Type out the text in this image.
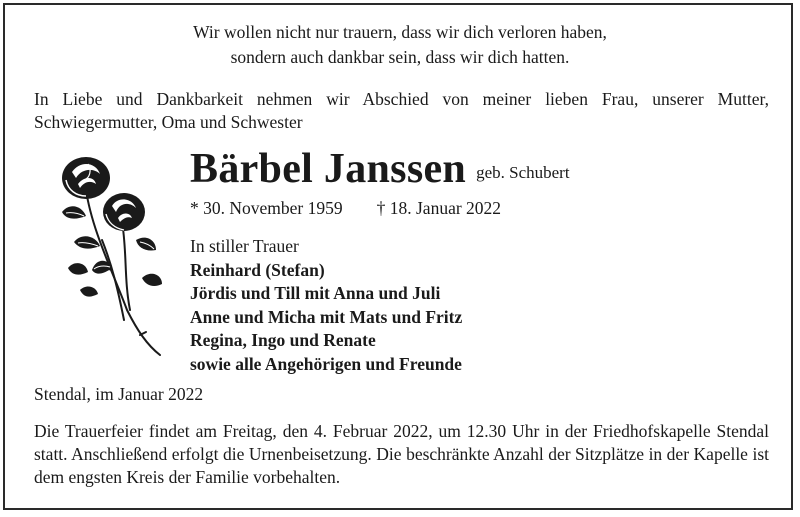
Wir wollen nicht nur trauern, dass wir dich verloren haben,
sondern auch dankbar sein, dass wir dich hatten.
In Liebe und Dankbarkeit nehmen wir Abschied von meiner lieben Frau, unserer Mutter, Schwiegermutter, Oma und Schwester
Bärbel Janssen geb. Schubert
* 30. November 1959 † 18. Januar 2022
In stiller Trauer
Reinhard (Stefan)
Jördis und Till mit Anna und Juli
Anne und Micha mit Mats und Fritz
Regina, Ingo und Renate
sowie alle Angehörigen und Freunde
Stendal, im Januar 2022
Die Trauerfeier findet am Freitag, den 4. Februar 2022, um 12.30 Uhr in der Friedhofskapelle Stendal statt. Anschließend erfolgt die Urnenbeisetzung. Die beschränkte Anzahl der Sitzplätze in der Kapelle ist dem engsten Kreis der Familie vorbehalten.
